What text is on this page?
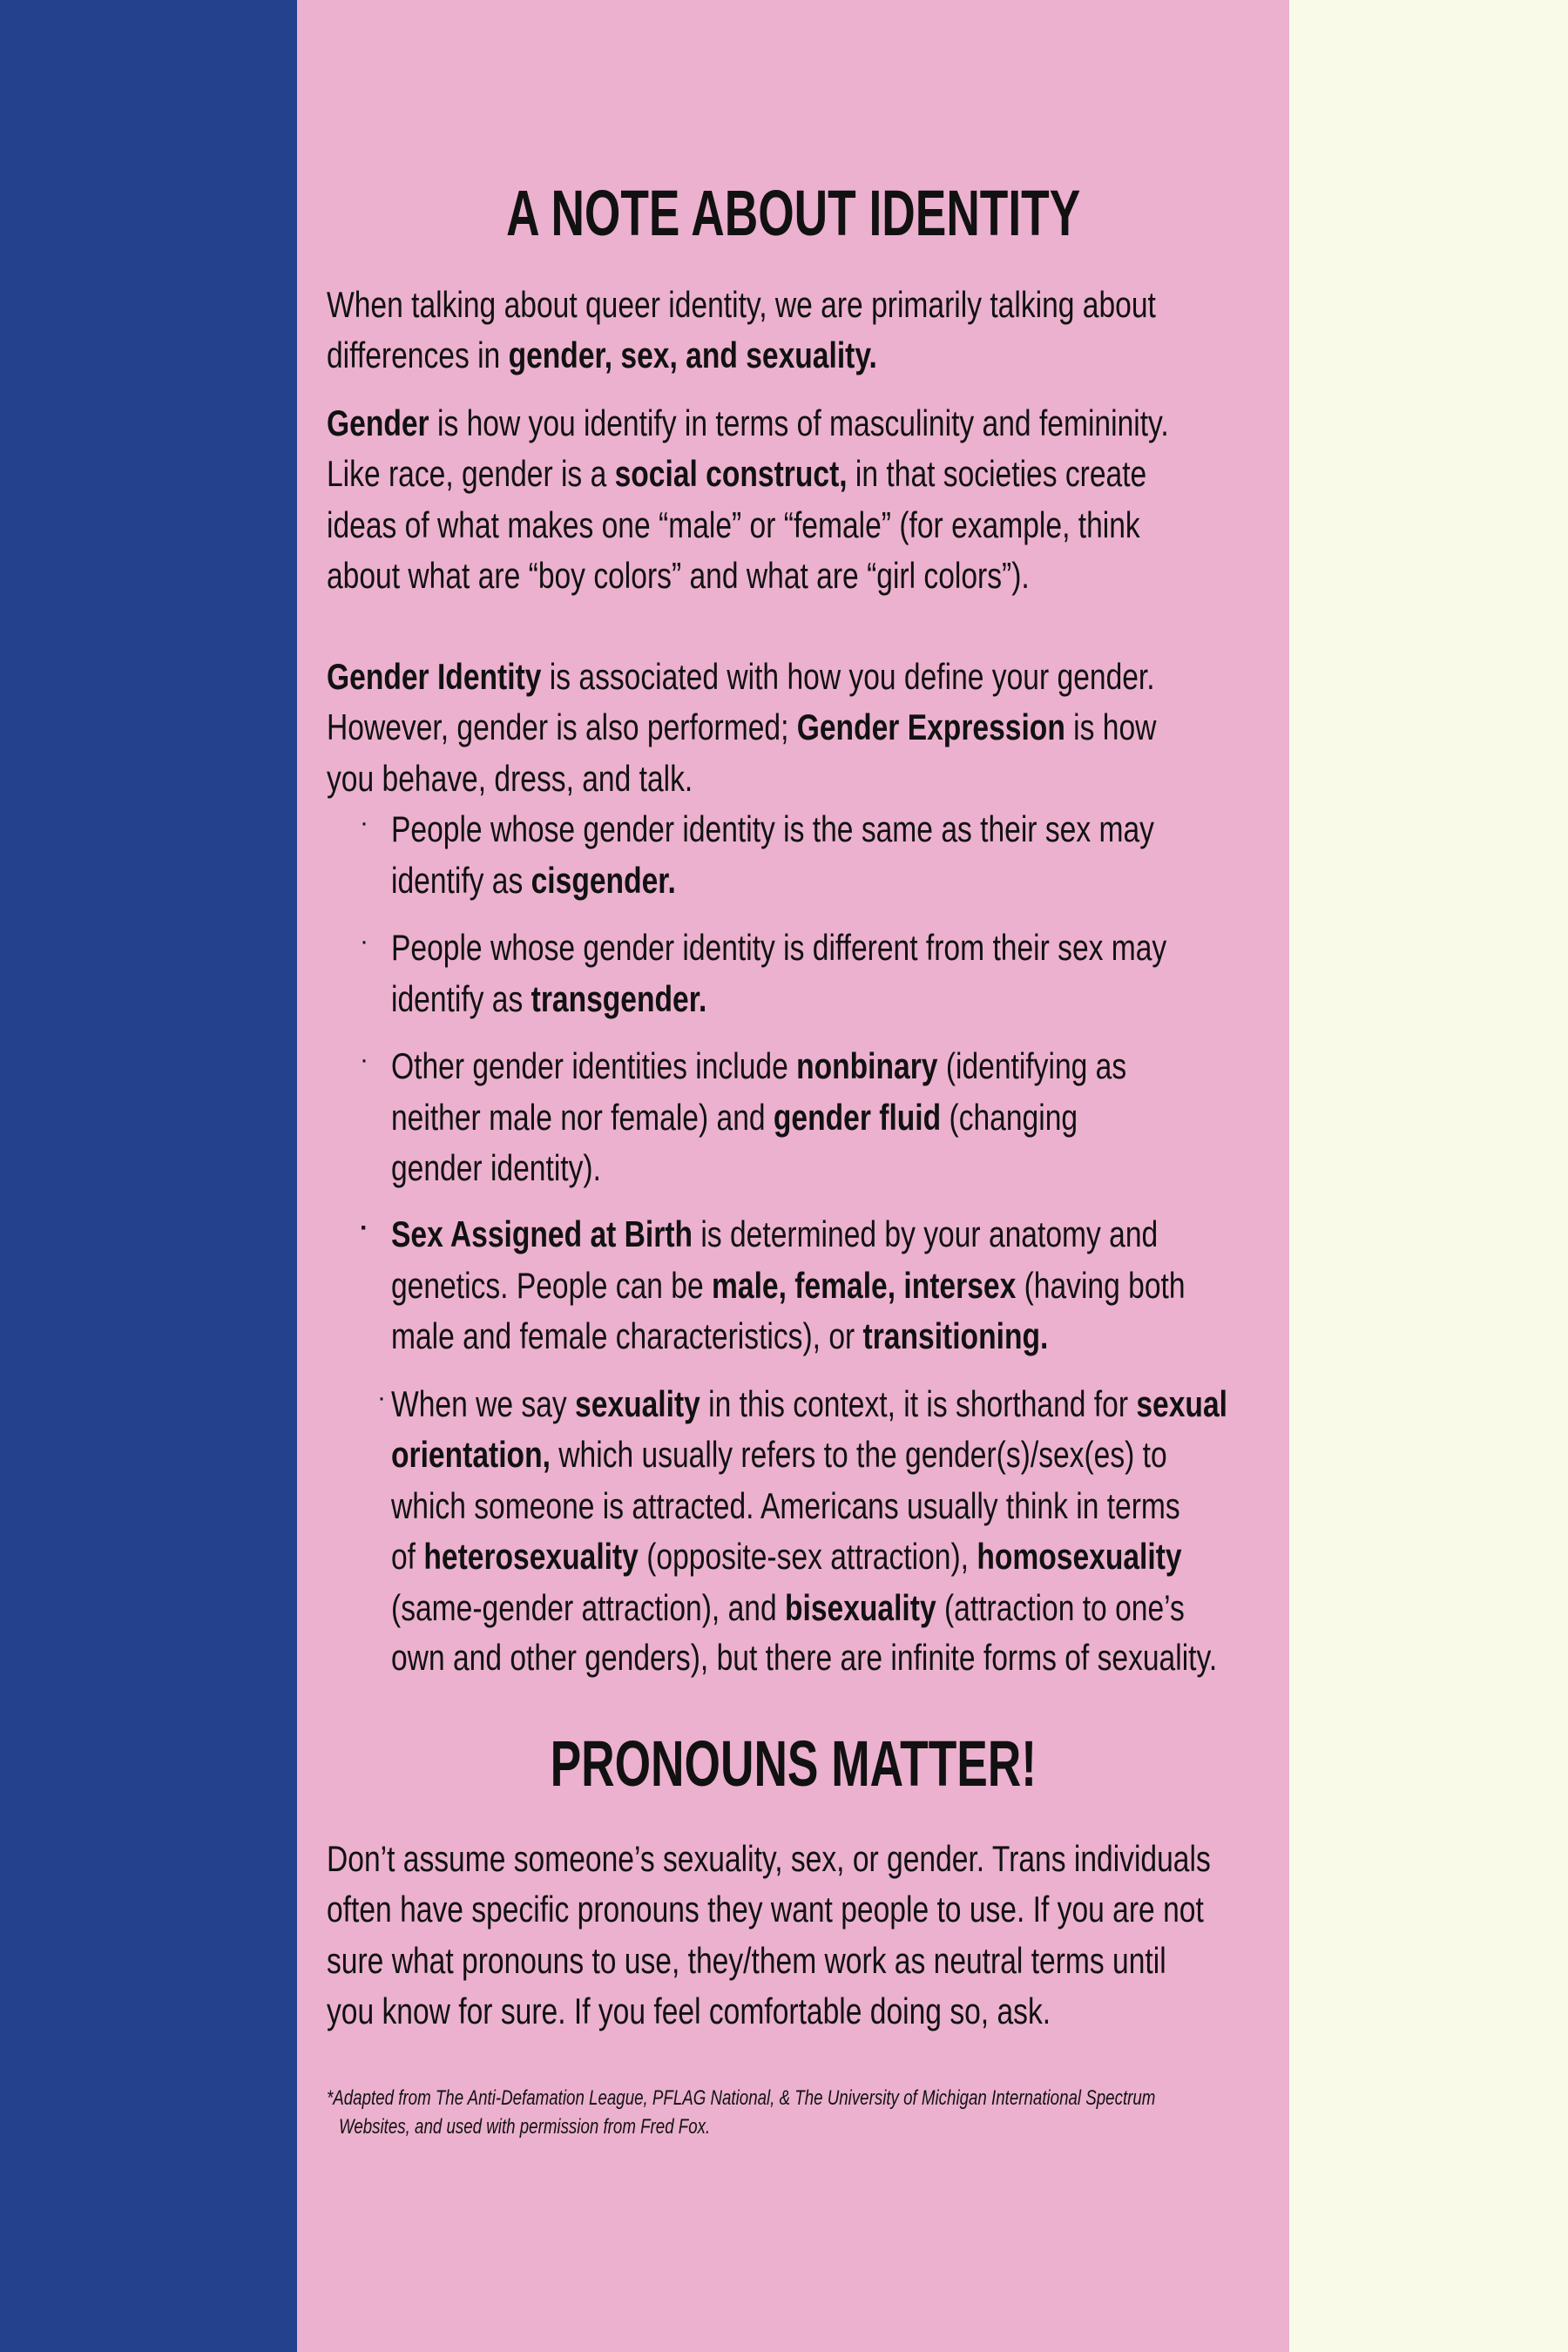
A NOTE ABOUT IDENTITY
PRONOUNS MATTER!
*Adapted from The Anti-Defamation League, PFLAG National, & The University of Michigan International Spectrum
Websites, and used with permission from Fred Fox.
When talking about queer identity, we are primarily talking about
differences in gender, sex, and sexuality.
Gender is how you identify in terms of masculinity and femininity.
Like race, gender is a social construct, in that societies create
ideas of what makes one “male” or “female” (for example, think
about what are “boy colors” and what are “girl colors”).
Gender Identity is associated with how you define your gender.
However, gender is also performed; Gender Expression is how
you behave, dress, and talk.
People whose gender identity is the same as their sex may
identify as cisgender.
·
People whose gender identity is different from their sex may
identify as transgender.
·
Other gender identities include nonbinary (identifying as
neither male nor female) and gender fluid (changing
gender identity).
·
Sex Assigned at Birth is determined by your anatomy and
genetics. People can be male, female, intersex (having both
male and female characteristics), or transitioning.
·
When we say sexuality in this context, it is shorthand for sexual
orientation, which usually refers to the gender(s)/sex(es) to
which someone is attracted. Americans usually think in terms
of heterosexuality (opposite-sex attraction), homosexuality
(same-gender attraction), and bisexuality (attraction to one’s
own and other genders), but there are infinite forms of sexuality.
·
Don’t assume someone’s sexuality, sex, or gender. Trans individuals
often have specific pronouns they want people to use. If you are not
sure what pronouns to use, they/them work as neutral terms until
you know for sure. If you feel comfortable doing so, ask.
